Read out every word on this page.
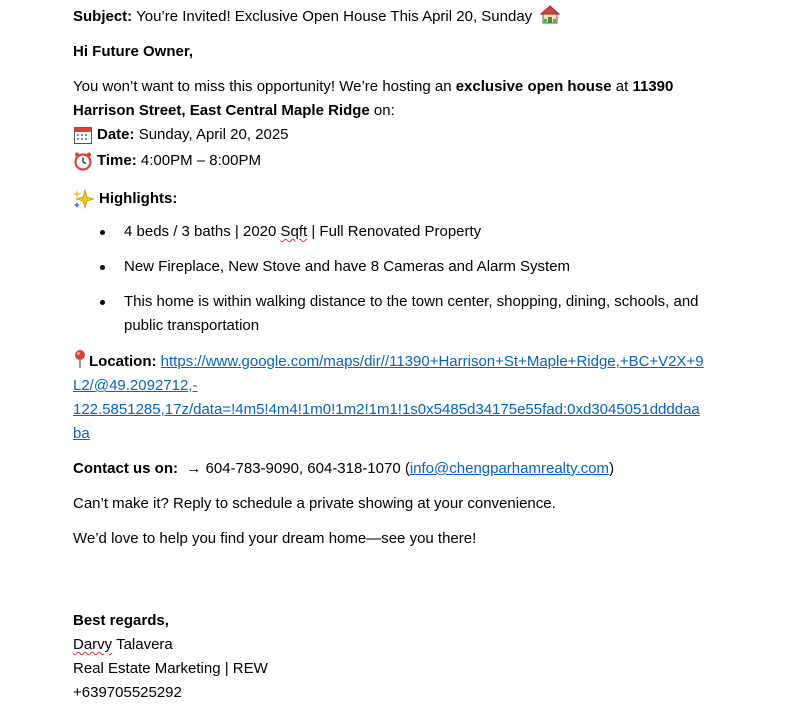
Subject: You’re Invited! Exclusive Open House This April 20, Sunday

Hi Future Owner,

You won’t want to miss this opportunity! We’re hosting an exclusive open house at 11390 Harrison Street, East Central Maple Ridge on:

Date:
Sunday, April 20, 2025
Time:
4:00PM – 8:00PM
Highlights:
4 beds / 3 baths | 2020 Sqft | Full Renovated Property
New Fireplace, New Stove and have 8 Cameras and Alarm System
This home is within walking distance to the town center, shopping, dining, schools, and public transportation

Location: https://www.google.com/maps/dir//11390+Harrison+St+Maple+Ridge,+BC+V2X+9
L2/@49.2092712,-
122.5851285,17z/data=!4m5!4m4!1m0!1m2!1m1!1s0x5485d34175e55fad:0xd3045051ddddaa
ba

Contact us on: → 604-783-9090, 604-318-1070 (info@chengparhamrealty.com)

Can’t make it? Reply to schedule a private showing at your convenience.

We’d love to help you find your dream home—see you there!

Best regards,

Darvy Talavera

Real Estate Marketing | REW

+639705525292
